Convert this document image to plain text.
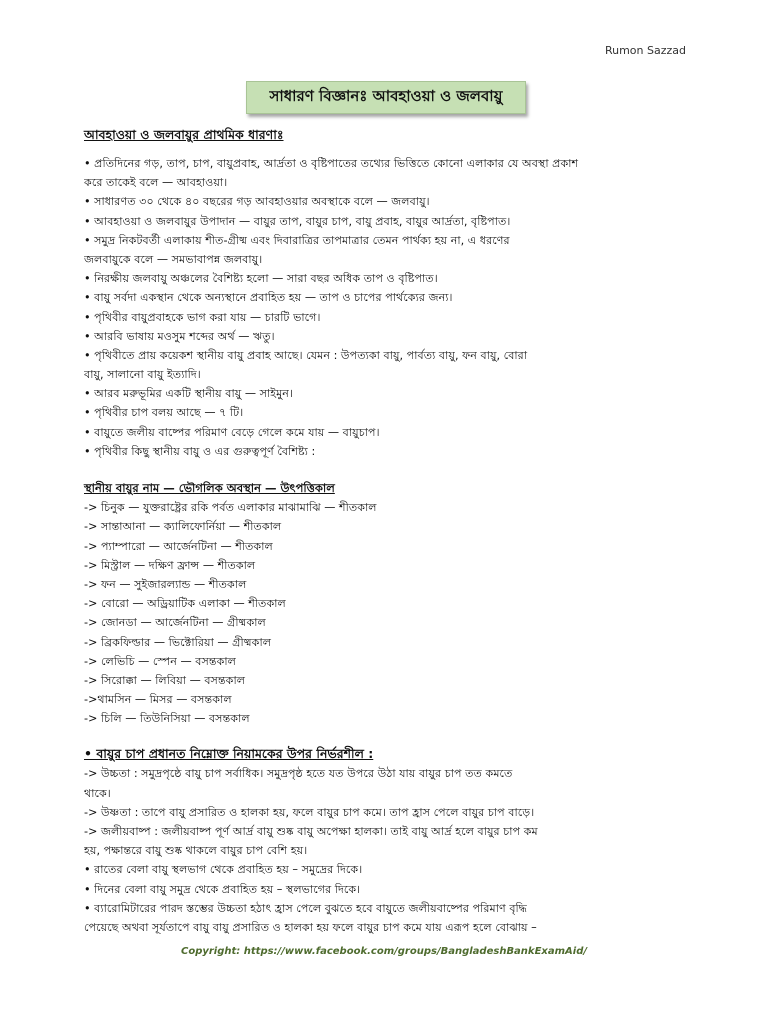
Rumon Sazzad
সাধারণ বিজ্ঞানঃ আবহাওয়া ও জলবায়ু
আবহাওয়া ও জলবায়ুর প্রাথমিক ধারণাঃ
• প্রতিদিনের গড়, তাপ, চাপ, বায়ুপ্রবাহ, আর্দ্রতা ও বৃষ্টিপাতের তথ্যের ভিত্তিতে কোনো এলাকার যে অবস্থা প্রকাশ
করে তাকেই বলে — আবহাওয়া।
• সাধারণত ৩০ থেকে ৪০ বছরের গড় আবহাওয়ার অবস্থাকে বলে — জলবায়ু।
• আবহাওয়া ও জলবায়ুর উপাদান — বায়ুর তাপ, বায়ুর চাপ, বায়ু প্রবাহ, বায়ুর আর্দ্রতা, বৃষ্টিপাত।
• সমুদ্র নিকটবর্তী এলাকায় শীত-গ্রীষ্ম এবং দিবারাত্রির তাপমাত্রার তেমন পার্থক্য হয় না, এ ধরণের
জলবায়ুকে বলে — সমভাবাপন্ন জলবায়ু।
• নিরক্ষীয় জলবায়ু অঞ্চলের বৈশিষ্ট্য হলো — সারা বছর অধিক তাপ ও বৃষ্টিপাত।
• বায়ু সর্বদা একস্থান থেকে অন্যস্থানে প্রবাহিত হয় — তাপ ও চাপের পার্থক্যের জন্য।
• পৃথিবীর বায়ুপ্রবাহকে ভাগ করা যায় — চারটি ভাগে।
• আরবি ভাষায় মওসুম শব্দের অর্থ — ঋতু।
• পৃথিবীতে প্রায় কয়েকশ স্থানীয় বায়ু প্রবাহ আছে। যেমন : উপত্যকা বায়ু, পার্বত্য বায়ু, ফন বায়ু, বোরা
বায়ু, সালানো বায়ু ইত্যাদি।
• আরব মরুভূমির একটি স্থানীয় বায়ু — সাইমুন।
• পৃথিবীর চাপ বলয় আছে — ৭ টি।
• বায়ুতে জলীয় বাষ্পের পরিমাণ বেড়ে গেলে কমে যায় — বায়ুচাপ।
• পৃথিবীর কিছু স্থানীয় বায়ু ও এর গুরুত্বপূর্ণ বৈশিষ্ট্য :
স্থানীয় বায়ুর নাম — ভৌগলিক অবস্থান — উৎপত্তিকাল
-> চিনুক — যুক্তরাষ্ট্রের রকি পর্বত এলাকার মাঝামাঝি — শীতকাল
-> সান্তাআনা — ক্যালিফোর্নিয়া — শীতকাল
-> প্যাম্পারো — আর্জেনটিনা — শীতকাল
-> মিস্ট্রাল — দক্ষিণ ফ্রান্স — শীতকাল
-> ফন — সুইজারল্যান্ড — শীতকাল
-> বোরো — অড্রিয়াটিক এলাকা — শীতকাল
-> জোনডা — আর্জেনটিনা — গ্রীষ্মকাল
-> ব্রিকফিল্ডার — ভিক্টোরিয়া — গ্রীষ্মকাল
-> লেভিচি — স্পেন — বসন্তকাল
-> সিরোক্কা — লিবিয়া — বসন্তকাল
->থামসিন — মিসর — বসন্তকাল
-> চিলি — তিউনিসিয়া — বসন্তকাল
• বায়ুর চাপ প্রধানত নিম্নোক্ত নিয়ামকের উপর নির্ভরশীল :
-> উচ্চতা : সমুদ্রপৃষ্ঠে বায়ু চাপ সর্বাধিক। সমুদ্রপৃষ্ঠ হতে যত উপরে উঠা যায় বায়ুর চাপ তত কমতে
থাকে।
-> উষ্ণতা : তাপে বায়ু প্রসারিত ও হালকা হয়, ফলে বায়ুর চাপ কমে। তাপ হ্রাস পেলে বায়ুর চাপ বাড়ে।
-> জলীয়বাষ্প : জলীয়বাষ্প পূর্ণ আর্দ্র বায়ু শুষ্ক বায়ু অপেক্ষা হালকা। তাই বায়ু আর্দ্র হলে বায়ুর চাপ কম
হয়, পক্ষান্তরে বায়ু শুষ্ক থাকলে বায়ুর চাপ বেশি হয়।
• রাতের বেলা বায়ু স্থলভাগ থেকে প্রবাহিত হয় – সমুদ্রের দিকে।
• দিনের বেলা বায়ু সমুদ্র থেকে প্রবাহিত হয় – স্থলভাগের দিকে।
• ব্যারোমিটারের পারদ স্তম্ভের উচ্চতা হঠাৎ হ্রাস পেলে বুঝতে হবে বায়ুতে জলীয়বাষ্পের পরিমাণ বৃদ্ধি
পেয়েছে অথবা সূর্যতাপে বায়ু বায়ু প্রসারিত ও হালকা হয় ফলে বায়ুর চাপ কমে যায় এরূপ হলে বোঝায় –
Copyright: https://www.facebook.com/groups/BangladeshBankExamAid/
